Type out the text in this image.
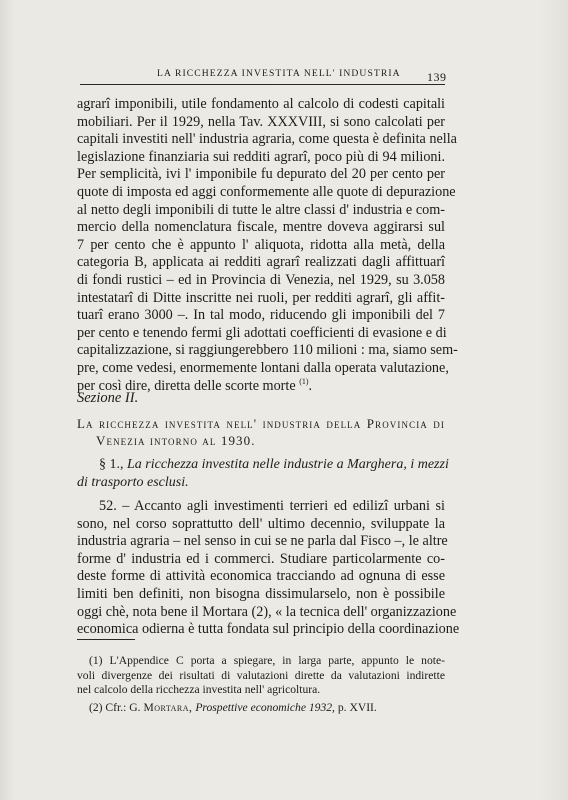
LA RICCHEZZA INVESTITA NELL' INDUSTRIA 139
agrarî imponibili, utile fondamento al calcolo di codesti capitali
mobiliari. Per il 1929, nella Tav. XXXVIII, si sono calcolati per
capitali investiti nell' industria agraria, come questa è definita nella
legislazione finanziaria sui redditi agrarî, poco più di 94 milioni.
Per semplicità, ivi l' imponibile fu depurato del 20 per cento per
quote di imposta ed aggi conformemente alle quote di depurazione
al netto degli imponibili di tutte le altre classi d' industria e com-
mercio della nomenclatura fiscale, mentre doveva aggirarsi sul
7 per cento che è appunto l' aliquota, ridotta alla metà, della
categoria B, applicata ai redditi agrarî realizzati dagli affittuarî
di fondi rustici – ed in Provincia di Venezia, nel 1929, su 3.058
intestatarî di Ditte inscritte nei ruoli, per redditi agrarî, gli affit-
tuarî erano 3000 –. In tal modo, riducendo gli imponibili del 7
per cento e tenendo fermi gli adottati coefficienti di evasione e di
capitalizzazione, si raggiungerebbero 110 milioni : ma, siamo sem-
pre, come vedesi, enormemente lontani dalla operata valutazione,
per così dire, diretta delle scorte morte $^{(1)}$.
Sezione II.
La ricchezza investita nell' industria della Provincia di
Venezia intorno al 1930.
§ 1., La ricchezza investita nelle industrie a Marghera, i mezzi
di trasporto esclusi.
52. – Accanto agli investimenti terrieri ed edilizî urbani si
sono, nel corso soprattutto dell' ultimo decennio, sviluppate la
industria agraria – nel senso in cui se ne parla dal Fisco –, le altre
forme d' industria ed i commerci. Studiare particolarmente co-
deste forme di attività economica tracciando ad ognuna di esse
limiti ben definiti, non bisogna dissimularselo, non è possibile
oggi chè, nota bene il Mortara (2), « la tecnica dell' organizzazione
economica odierna è tutta fondata sul principio della coordinazione
(1) L'Appendice C porta a spiegare, in larga parte, appunto le note-
voli divergenze dei risultati di valutazioni dirette da valutazioni indirette
nel calcolo della ricchezza investita nell' agricoltura.
(2) Cfr.: G. Mortara, Prospettive economiche 1932, p. XVII.
